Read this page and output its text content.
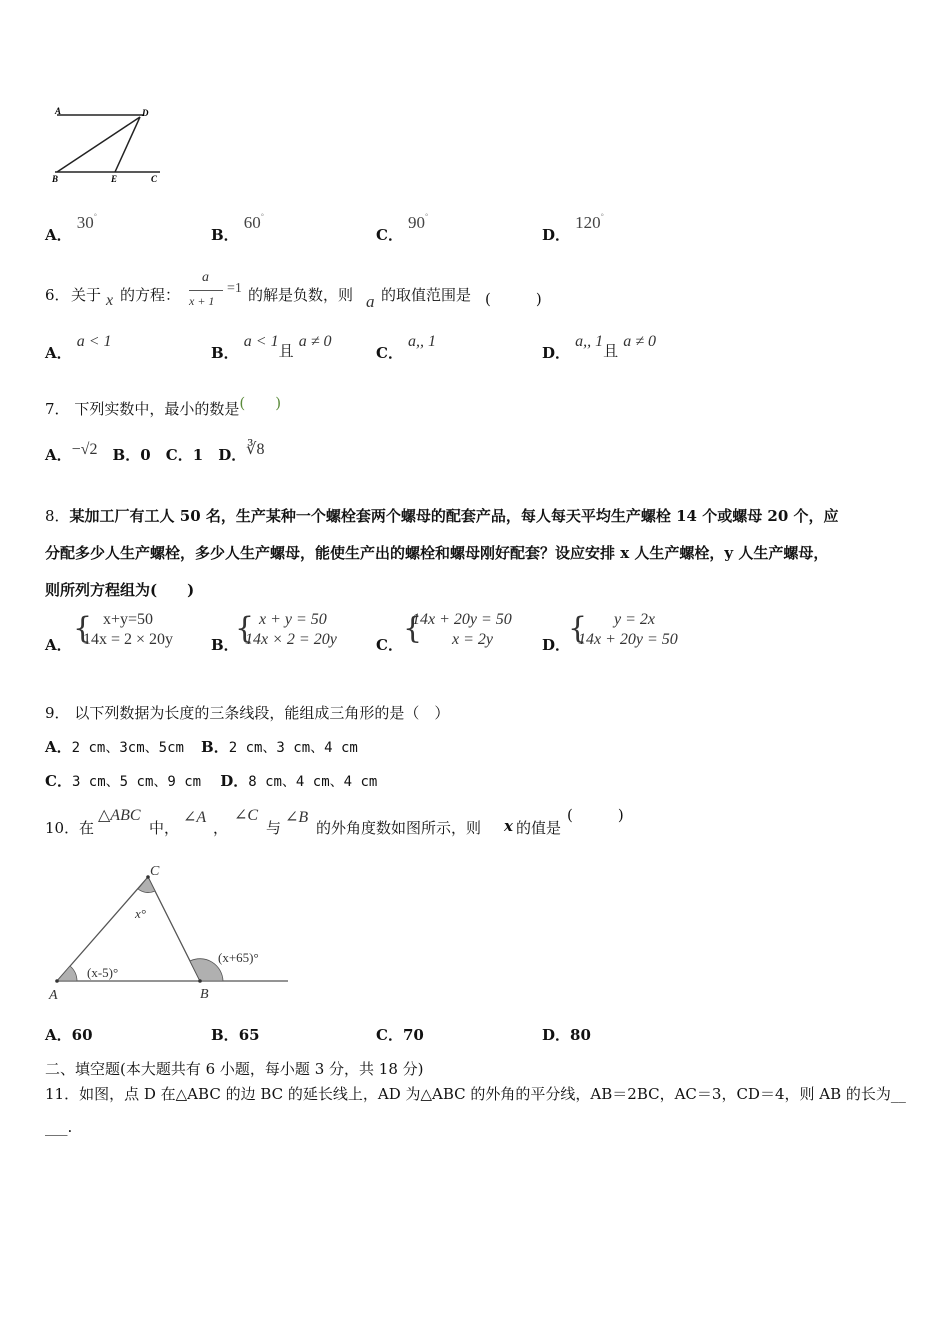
A	D
B	E	C
A． 30°
B． 60°
C． 90°
D． 120°
6． 关于 x 的方程：
a
x + 1
=1 的解是负数，则 a 的取值范围是 (　　　)
A． a < 1
B． a < 1且 a ≠ 0
C． a,, 1
D． a,, 1且 a ≠ 0
7． 下列实数中，最小的数是(　　)
A．−√2 B．0 C．1 D．∛8
8．某加工厂有工人 50 名，生产某种一个螺栓套两个螺母的配套产品，每人每天平均生产螺栓 14 个或螺母 20 个，应
分配多少人生产螺栓，多少人生产螺母，能使生产出的螺栓和螺母刚好配套？设应安排 x 人生产螺栓，y 人生产螺母，
则所列方程组为(　　)
A． { x+y=50
14x = 2 × 20y	B．
{ x + y = 50
14x × 2 = 20y	C． {
14x + 20y = 50
x = 2y	D．
{	y = 2x
14x + 20y = 50
9． 以下列数据为长度的三条线段，能组成三角形的是（　）
A．2 cm、3cm、5cm B．2 cm、3 cm、4 cm
C．3 cm、5 cm、9 cm D．8 cm、4 cm、4 cm
10． 在
△ABC
中，
∠A
，
∠C
与
∠B
的外角度数如图所示，则 x 的值是
(　　　)
C
A	B
x°
(x-5)°
(x+65)°
A．60	B．65	C．70	D．80
二、填空题(本大题共有 6 小题，每小题 3 分，共 18 分)
11．如图，点 D 在△ABC 的边 BC 的延长线上，AD 为△ABC 的外角的平分线，AB＝2BC，AC＝3，CD＝4，则 AB 的长为__
___.
